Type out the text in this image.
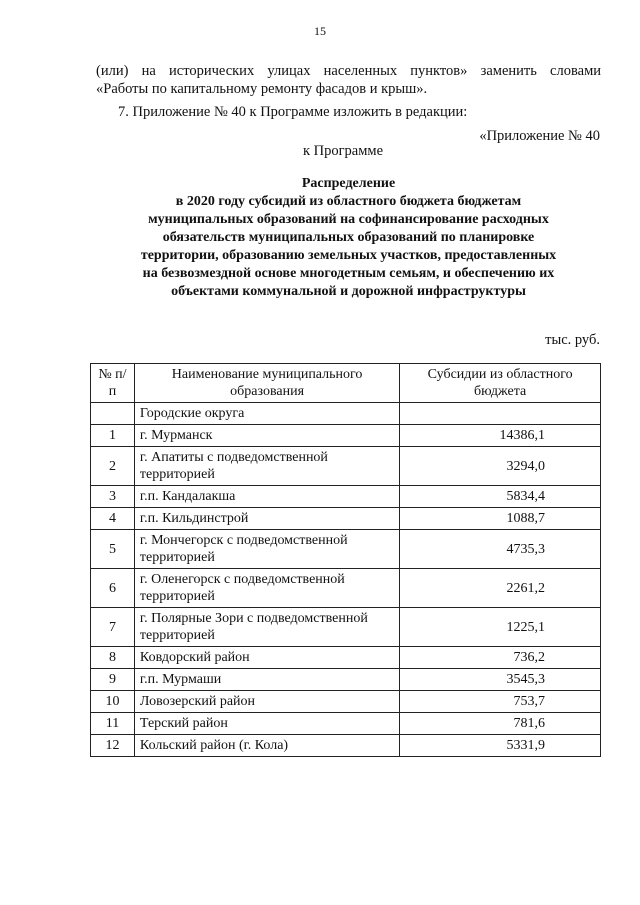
15
(или) на исторических улицах населенных пунктов» заменить словами
«Работы по капитальному ремонту фасадов и крыш».
7. Приложение № 40 к Программе изложить в редакции:
«Приложение № 40
к Программе
Распределение
в 2020 году субсидий из областного бюджета бюджетам
муниципальных образований на софинансирование расходных
обязательств муниципальных образований по планировке
территории, образованию земельных участков, предоставленных
на безвозмездной основе многодетным семьям, и обеспечению их
объектами коммунальной и дорожной инфраструктуры
тыс. руб.
№ п/п	Наименование муниципального образования	Субсидии из областного бюджета
	Городские округа	
1	г. Мурманск	14386,1
2	г. Апатиты с подведомственной территорией	3294,0
3	г.п. Кандалакша	5834,4
4	г.п. Кильдинстрой	1088,7
5	г. Мончегорск с подведомственной территорией	4735,3
6	г. Оленегорск с подведомственной территорией	2261,2
7	г. Полярные Зори с подведомственной территорией	1225,1
8	Ковдорский район	736,2
9	г.п. Мурмаши	3545,3
10	Ловозерский район	753,7
11	Терский район	781,6
12	Кольский район (г. Кола)	5331,9
